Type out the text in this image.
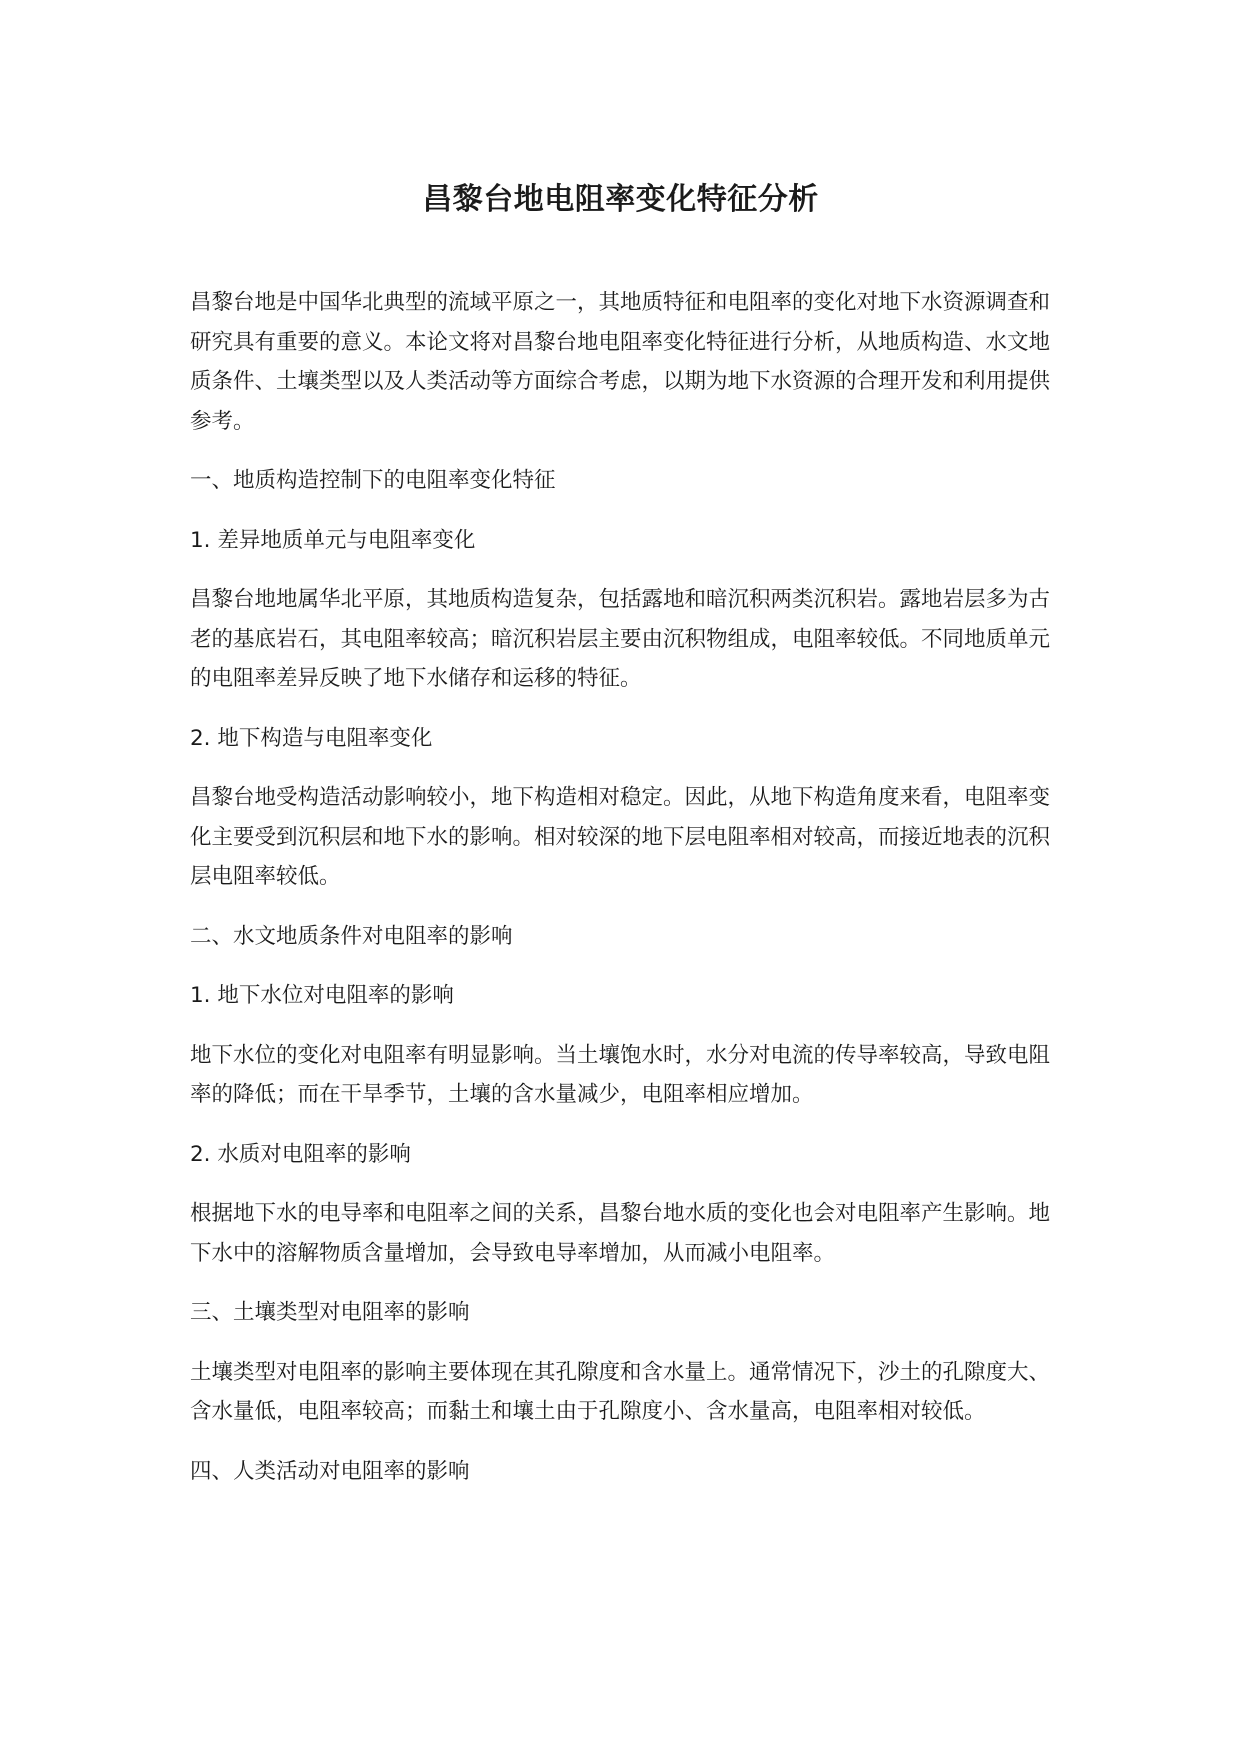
昌黎台地电阻率变化特征分析

昌黎台地是中国华北典型的流域平原之一，其地质特征和电阻率的变化对地下水资源调查和研究具有重要的意义。本论文将对昌黎台地电阻率变化特征进行分析，从地质构造、水文地质条件、土壤类型以及人类活动等方面综合考虑，以期为地下水资源的合理开发和利用提供参考。

一、地质构造控制下的电阻率变化特征

1. 差异地质单元与电阻率变化

昌黎台地地属华北平原，其地质构造复杂，包括露地和暗沉积两类沉积岩。露地岩层多为古老的基底岩石，其电阻率较高；暗沉积岩层主要由沉积物组成，电阻率较低。不同地质单元的电阻率差异反映了地下水储存和运移的特征。

2. 地下构造与电阻率变化

昌黎台地受构造活动影响较小，地下构造相对稳定。因此，从地下构造角度来看，电阻率变化主要受到沉积层和地下水的影响。相对较深的地下层电阻率相对较高，而接近地表的沉积层电阻率较低。

二、水文地质条件对电阻率的影响

1. 地下水位对电阻率的影响

地下水位的变化对电阻率有明显影响。当土壤饱水时，水分对电流的传导率较高，导致电阻率的降低；而在干旱季节，土壤的含水量减少，电阻率相应增加。

2. 水质对电阻率的影响

根据地下水的电导率和电阻率之间的关系，昌黎台地水质的变化也会对电阻率产生影响。地下水中的溶解物质含量增加，会导致电导率增加，从而减小电阻率。

三、土壤类型对电阻率的影响

土壤类型对电阻率的影响主要体现在其孔隙度和含水量上。通常情况下，沙土的孔隙度大、含水量低，电阻率较高；而黏土和壤土由于孔隙度小、含水量高，电阻率相对较低。

四、人类活动对电阻率的影响
